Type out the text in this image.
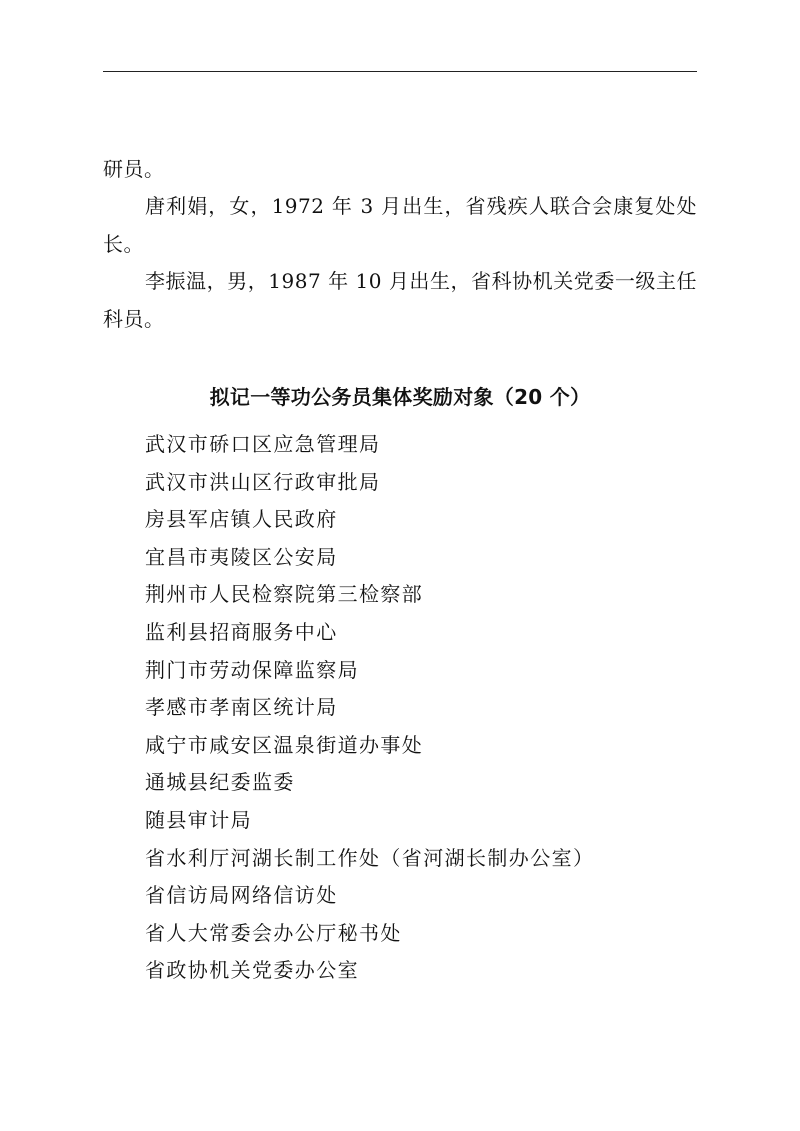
研员。

唐利娟，女，1972 年 3 月出生，省残疾人联合会康复处处长。

李振温，男，1987 年 10 月出生，省科协机关党委一级主任科员。

拟记一等功公务员集体奖励对象（20 个）
武汉市硚口区应急管理局
武汉市洪山区行政审批局
房县军店镇人民政府
宜昌市夷陵区公安局
荆州市人民检察院第三检察部
监利县招商服务中心
荆门市劳动保障监察局
孝感市孝南区统计局
咸宁市咸安区温泉街道办事处
通城县纪委监委
随县审计局
省水利厅河湖长制工作处（省河湖长制办公室）
省信访局网络信访处
省人大常委会办公厅秘书处
省政协机关党委办公室
